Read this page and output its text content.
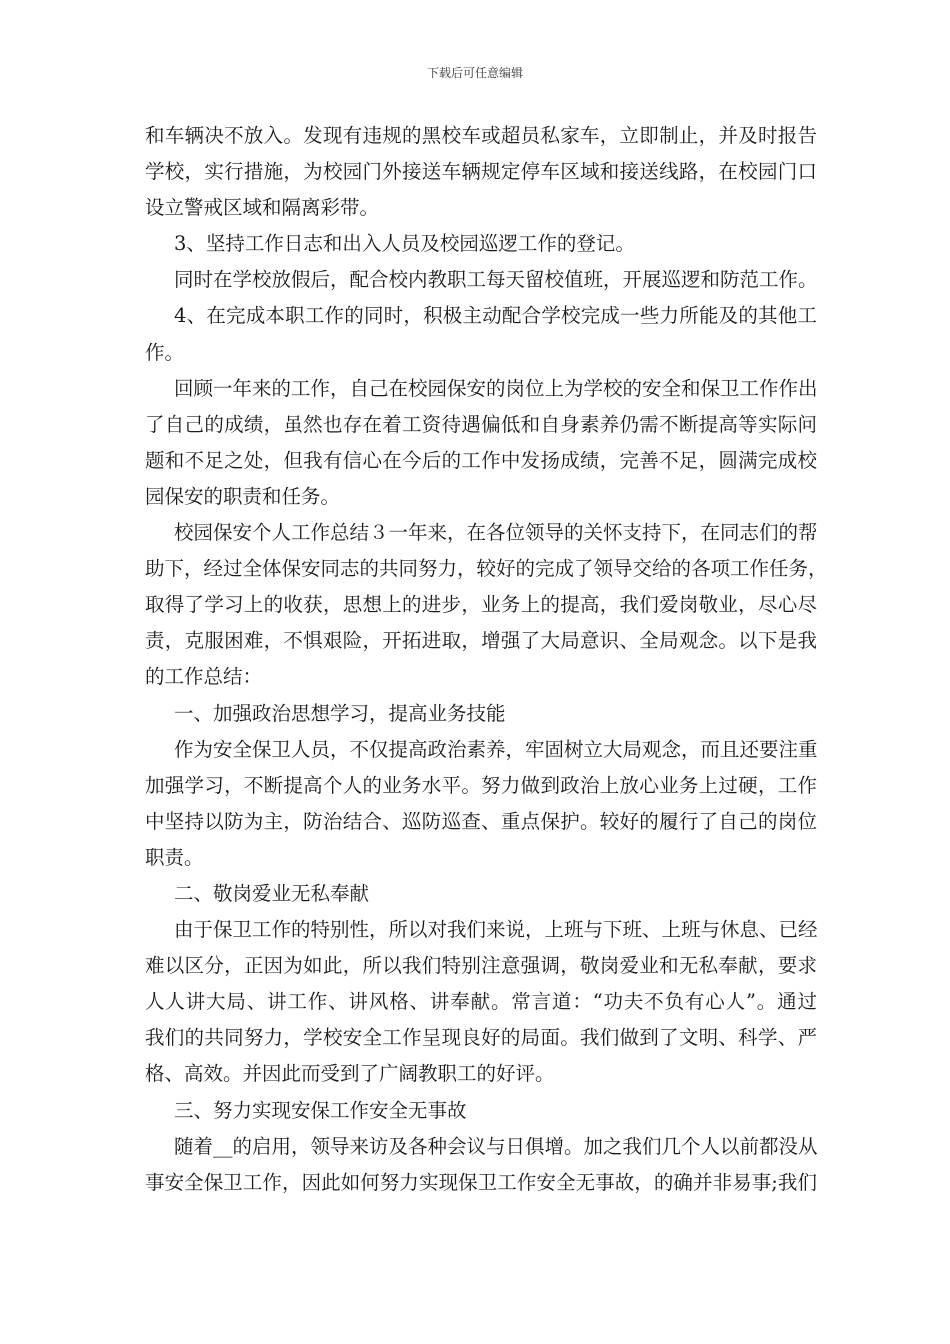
下载后可任意编辑
和车辆决不放入。发现有违规的黑校车或超员私家车，立即制止，并及时报告
学校，实行措施，为校园门外接送车辆规定停车区域和接送线路，在校园门口
设立警戒区域和隔离彩带。
3、坚持工作日志和出入人员及校园巡逻工作的登记。
同时在学校放假后，配合校内教职工每天留校值班，开展巡逻和防范工作。
4、在完成本职工作的同时，积极主动配合学校完成一些力所能及的其他工
作。
回顾一年来的工作，自己在校园保安的岗位上为学校的安全和保卫工作作出
了自己的成绩，虽然也存在着工资待遇偏低和自身素养仍需不断提高等实际问
题和不足之处，但我有信心在今后的工作中发扬成绩，完善不足，圆满完成校
园保安的职责和任务。
校园保安个人工作总结３一年来，在各位领导的关怀支持下，在同志们的帮
助下，经过全体保安同志的共同努力，较好的完成了领导交给的各项工作任务，
取得了学习上的收获，思想上的进步，业务上的提高，我们爱岗敬业，尽心尽
责，克服困难，不惧艰险，开拓进取，增强了大局意识、全局观念。以下是我
的工作总结：
一、加强政治思想学习，提高业务技能
作为安全保卫人员，不仅提高政治素养，牢固树立大局观念，而且还要注重
加强学习，不断提高个人的业务水平。努力做到政治上放心业务上过硬，工作
中坚持以防为主，防治结合、巡防巡查、重点保护。较好的履行了自己的岗位
职责。
二、敬岗爱业无私奉献
由于保卫工作的特别性，所以对我们来说，上班与下班、上班与休息、已经
难以区分，正因为如此，所以我们特别注意强调，敬岗爱业和无私奉献，要求
人人讲大局、讲工作、讲风格、讲奉献。常言道：“功夫不负有心人”。通过
我们的共同努力，学校安全工作呈现良好的局面。我们做到了文明、科学、严
格、高效。并因此而受到了广阔教职工的好评。
三、努力实现安保工作安全无事故
随着__的启用，领导来访及各种会议与日俱增。加之我们几个人以前都没从
事安全保卫工作，因此如何努力实现保卫工作安全无事故，的确并非易事;我们
